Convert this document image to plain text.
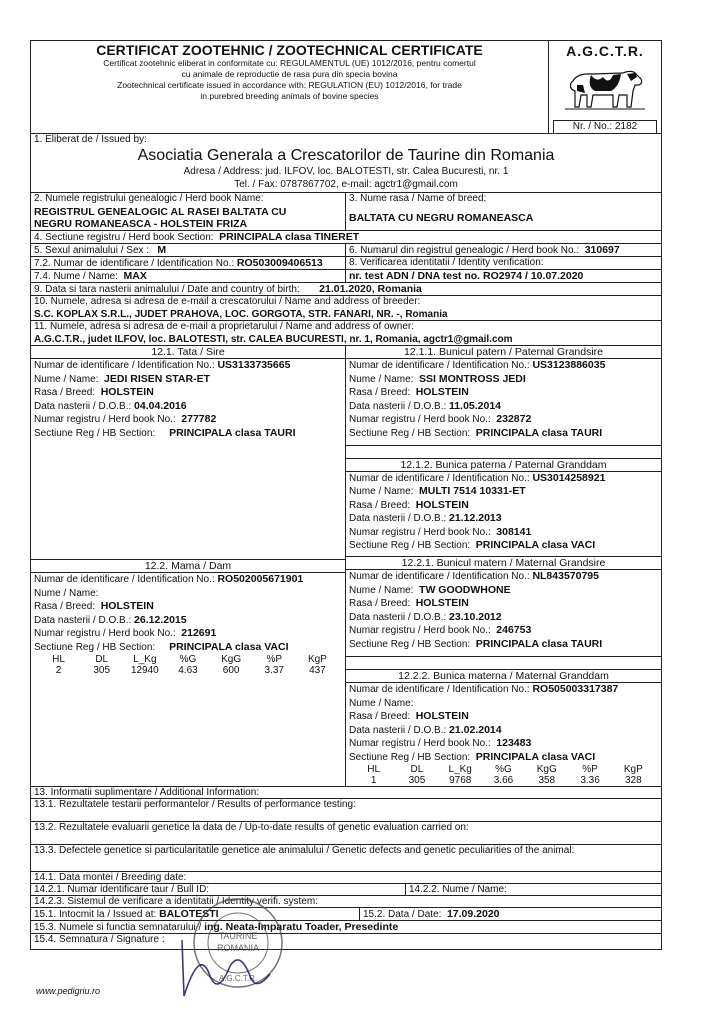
CERTIFICAT ZOOTEHNIC / ZOOTECHNICAL CERTIFICATE
Certificat zootehnic eliberat in conformitate cu: REGULAMENTUL (UE) 1012/2016, pentru comertul
cu animale de reproductie de rasa pura din specia bovina
Zootechnical certificate issued in accordance with: REGULATION (EU) 1012/2016, for trade
in purebred breeding animals of bovine species
A.G.C.T.R.
Nr. / No.: 2182
1. Eliberat de / Issued by:
Asociatia Generala a Crescatorilor de Taurine din Romania
Adresa / Address: jud. ILFOV, loc. BALOTESTI, str. Calea Bucuresti, nr. 1
Tel. / Fax: 0787867702, e-mail: agctr1@gmail.com
2. Numele registrului genealogic / Herd book Name:
REGISTRUL GENEALOGIC AL RASEI BALTATA CU
NEGRU ROMANEASCA - HOLSTEIN FRIZA
3. Nume rasa / Name of breed:
BALTATA CU NEGRU ROMANEASCA
4. Sectiune registru / Herd book Section: PRINCIPALA clasa TINERET
5. Sexul animalului / Sex : M	6. Numarul din registrul genealogic / Herd book No.: 310697
7.2. Numar de identificare / Identification No.: RO503009406513	8. Verificarea identitatii / Identity verification:
7.4. Nume / Name: MAX	nr. test ADN / DNA test no. RO2974 / 10.07.2020
9. Data si tara nasterii animalului / Date and country of birth: 21.01.2020, Romania
10. Numele, adresa si adresa de e-mail a crescatorului / Name and address of breeder:
S.C. KOPLAX S.R.L., JUDET PRAHOVA, LOC. GORGOTA, STR. FANARI, NR. -, Romania
11. Numele, adresa si adresa de e-mail a proprietarului / Name and address of owner:
A.G.C.T.R., judet ILFOV, loc. BALOTESTI, str. CALEA BUCURESTI, nr. 1, Romania, agctr1@gmail.com
12.1. Tata / Sire
Numar de identificare / Identification No.: US3133735665
Nume / Name: JEDI RISEN STAR-ET
Rasa / Breed: HOLSTEIN
Data nasterii / D.O.B.: 04.04.2016
Numar registru / Herd book No.: 277782
Sectiune Reg / HB Section: PRINCIPALA clasa TAURI
12.2. Mama / Dam
Numar de identificare / Identification No.: RO502005671901
Nume / Name:
Rasa / Breed: HOLSTEIN
Data nasterii / D.O.B.: 26.12.2015
Numar registru / Herd book No.: 212691
Sectiune Reg / HB Section: PRINCIPALA clasa VACI
HL	DL	L_Kg	%G	KgG	%P	KgP
2	305	12940	4.63	600	3.37	437
12.1.1. Bunicul patern / Paternal Grandsire
Numar de identificare / Identification No.: US3123886035
Nume / Name: SSI MONTROSS JEDI
Rasa / Breed: HOLSTEIN
Data nasterii / D.O.B.: 11.05.2014
Numar registru / Herd book No.: 232872
Sectiune Reg / HB Section: PRINCIPALA clasa TAURI
12.1.2. Bunica paterna / Paternal Granddam
Numar de identificare / Identification No.: US3014258921
Nume / Name: MULTI 7514 10331-ET
Rasa / Breed: HOLSTEIN
Data nasterii / D.O.B.: 21.12.2013
Numar registru / Herd book No.: 308141
Sectiune Reg / HB Section: PRINCIPALA clasa VACI
12.2.1. Bunicul matern / Maternal Grandsire
Numar de identificare / Identification No.: NL843570795
Nume / Name: TW GOODWHONE
Rasa / Breed: HOLSTEIN
Data nasterii / D.O.B.: 23.10.2012
Numar registru / Herd book No.: 246753
Sectiune Reg / HB Section: PRINCIPALA clasa TAURI
12.2.2. Bunica materna / Maternal Granddam
Numar de identificare / Identification No.: RO505003317387
Nume / Name:
Rasa / Breed: HOLSTEIN
Data nasterii / D.O.B.: 21.02.2014
Numar registru / Herd book No.: 123483
Sectiune Reg / HB Section: PRINCIPALA clasa VACI
HL	DL	L_Kg	%G	KgG	%P	KgP
1	305	9768	3.66	358	3.36	328
13. Informatii suplimentare / Additional Information:
13.1. Rezultatele testarii performantelor / Results of performance testing:
13.2. Rezultatele evaluarii genetice la data de / Up-to-date results of genetic evaluation carried on:
13.3. Defectele genetice si particularitatile genetice ale animalului / Genetic defects and genetic peculiarities of the animal:
14.1. Data montei / Breeding date:
14.2.1. Numar identificare taur / Bull ID:	14.2.2. Nume / Name:
14.2.3. Sistemul de verificare a identitatii / Identity verifi. system:
15.1. Intocmit la / Issued at: BALOTESTI	15.2. Data / Date: 17.09.2020
15.3. Numele si functia semnatarului / ing. Neata-Imparatu Toader, Presedinte
15.4. Semnatura / Signature :	TAURINE
ROMANIA
A.G.C.T.R.
www.pedigriu.ro
